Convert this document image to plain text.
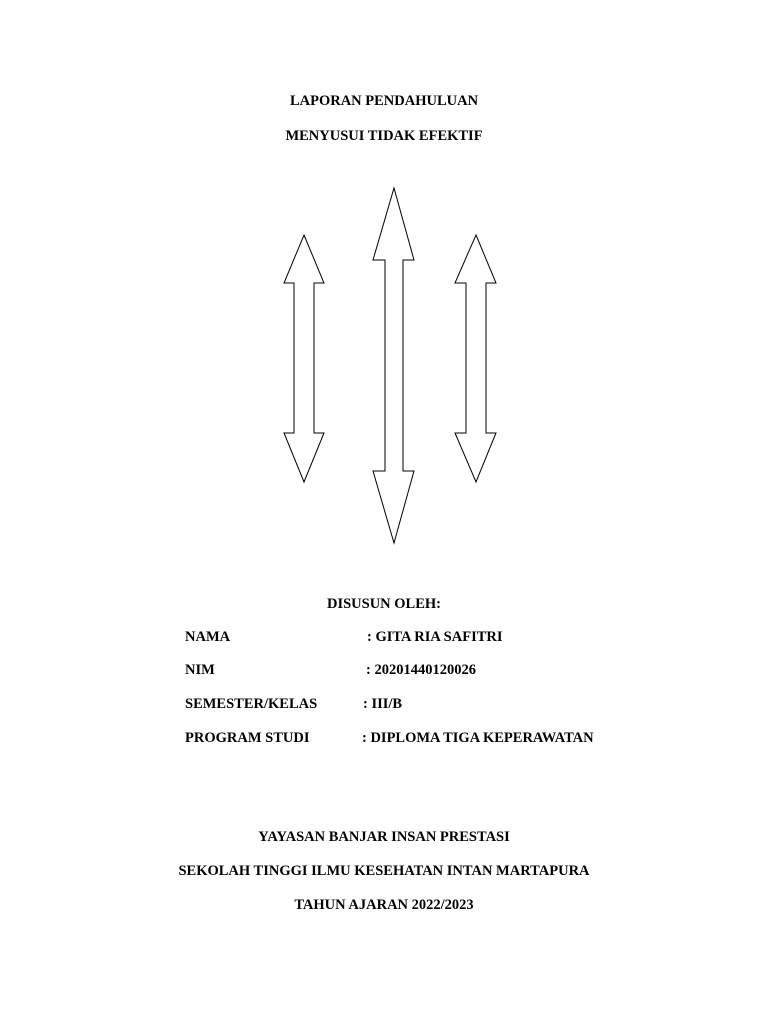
LAPORAN PENDAHULUAN
MENYUSUI TIDAK EFEKTIF
DISUSUN OLEH:
NAMA	: GITA RIA SAFITRI
NIM	: 20201440120026
SEMESTER/KELAS	: III/B
PROGRAM STUDI	: DIPLOMA TIGA KEPERAWATAN
YAYASAN BANJAR INSAN PRESTASI
SEKOLAH TINGGI ILMU KESEHATAN INTAN MARTAPURA
TAHUN AJARAN 2022/2023
